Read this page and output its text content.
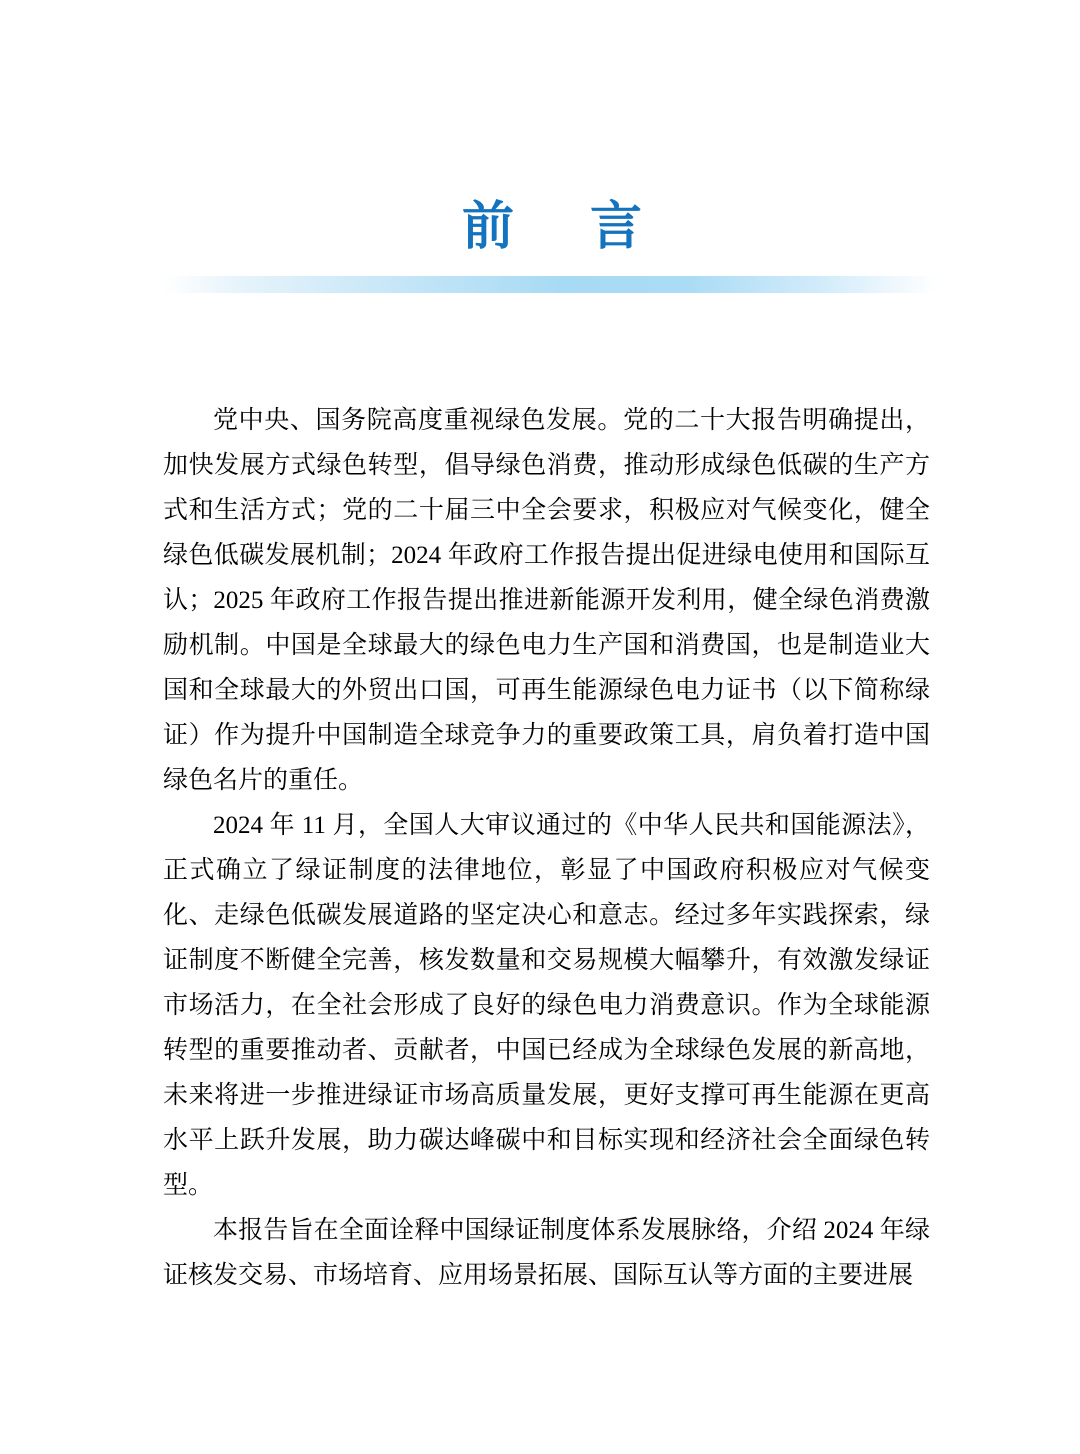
前 言

党中央、国务院高度重视绿色发展。党的二十大报告明确提出，加快发展方式绿色转型，倡导绿色消费，推动形成绿色低碳的生产方式和生活方式；党的二十届三中全会要求，积极应对气候变化，健全绿色低碳发展机制；2024 年政府工作报告提出促进绿电使用和国际互认；2025 年政府工作报告提出推进新能源开发利用，健全绿色消费激励机制。中国是全球最大的绿色电力生产国和消费国，也是制造业大国和全球最大的外贸出口国，可再生能源绿色电力证书（以下简称绿证）作为提升中国制造全球竞争力的重要政策工具，肩负着打造中国绿色名片的重任。

2024 年 11 月，全国人大审议通过的《中华人民共和国能源法》，正式确立了绿证制度的法律地位，彰显了中国政府积极应对气候变化、走绿色低碳发展道路的坚定决心和意志。经过多年实践探索，绿证制度不断健全完善，核发数量和交易规模大幅攀升，有效激发绿证市场活力，在全社会形成了良好的绿色电力消费意识。作为全球能源转型的重要推动者、贡献者，中国已经成为全球绿色发展的新高地，未来将进一步推进绿证市场高质量发展，更好支撑可再生能源在更高水平上跃升发展，助力碳达峰碳中和目标实现和经济社会全面绿色转型。

本报告旨在全面诠释中国绿证制度体系发展脉络，介绍 2024 年绿证核发交易、市场培育、应用场景拓展、国际互认等方面的主要进展
